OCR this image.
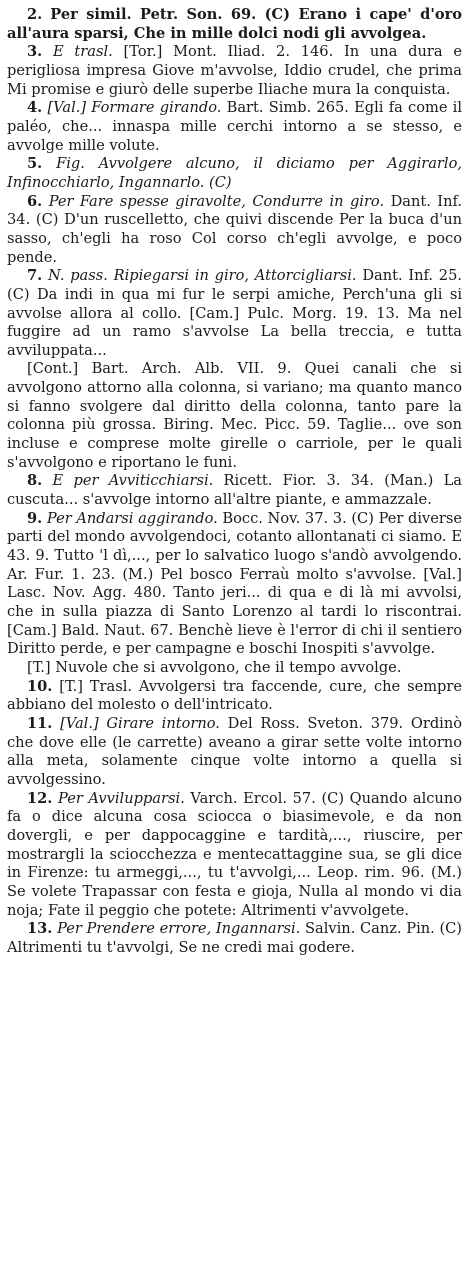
2. Per simil. Petr. Son. 69. (C) Erano i cape' d'oro all'aura sparsi, Che in mille dolci nodi gli avvolgea.

3. E trasl. [Tor.] Mont. Iliad. 2. 146. In una dura e perigliosa impresa Giove m'avvolse, Iddio crudel, che prima Mi promise e giurò delle superbe Iliache mura la conquista.

4. [Val.] Formare girando. Bart. Simb. 265. Egli fa come il paléo, che... innaspa mille cerchi intorno a se stesso, e avvolge mille volute.

5. Fig. Avvolgere alcuno, il diciamo per Aggirarlo, Infinocchiarlo, Ingannarlo. (C)

6. Per Fare spesse giravolte, Condurre in giro. Dant. Inf. 34. (C) D'un ruscelletto, che quivi discende Per la buca d'un sasso, ch'egli ha roso Col corso ch'egli avvolge, e poco pende.

7. N. pass. Ripiegarsi in giro, Attorcigliarsi. Dant. Inf. 25. (C) Da indi in qua mi fur le serpi amiche, Perch'una gli si avvolse allora al collo. [Cam.] Pulc. Morg. 19. 13. Ma nel fuggire ad un ramo s'avvolse La bella treccia, e tutta avviluppata...

[Cont.] Bart. Arch. Alb. VII. 9. Quei canali che si avvolgono attorno alla colonna, si variano; ma quanto manco si fanno svolgere dal diritto della colonna, tanto pare la colonna più grossa. Biring. Mec. Picc. 59. Taglie... ove son incluse e comprese molte girelle o carriole, per le quali s'avvolgono e riportano le funi.

8. E per Avviticchiarsi. Ricett. Fior. 3. 34. (Man.) La cuscuta... s'avvolge intorno all'altre piante, e ammazzale.

9. Per Andarsi aggirando. Bocc. Nov. 37. 3. (C) Per diverse parti del mondo avvolgendoci, cotanto allontanati ci siamo. E 43. 9. Tutto 'l dì,..., per lo salvatico luogo s'andò avvolgendo. Ar. Fur. 1. 23. (M.) Pel bosco Ferraù molto s'avvolse. [Val.] Lasc. Nov. Agg. 480. Tanto jeri... di qua e di là mi avvolsi, che in sulla piazza di Santo Lorenzo al tardi lo riscontrai. [Cam.] Bald. Naut. 67. Benchè lieve è l'error di chi il sentiero Diritto perde, e per campagne e boschi Inospiti s'avvolge.

[T.] Nuvole che si avvolgono, che il tempo avvolge.

10. [T.] Trasl. Avvolgersi tra faccende, cure, che sempre abbiano del molesto o dell'intricato.

11. [Val.] Girare intorno. Del Ross. Sveton. 379. Ordinò che dove elle (le carrette) aveano a girar sette volte intorno alla meta, solamente cinque volte intorno a quella si avvolgessino.

12. Per Avvilupparsi. Varch. Ercol. 57. (C) Quando alcuno fa o dice alcuna cosa sciocca o biasimevole, e da non dovergli, e per dappocaggine e tardità,..., riuscire, per mostrargli la sciocchezza e mentecattaggine sua, se gli dice in Firenze: tu armeggi,..., tu t'avvolgi,... Leop. rim. 96. (M.) Se volete Trapassar con festa e gioja, Nulla al mondo vi dia noja; Fate il peggio che potete: Altrimenti v'avvolgete.

13. Per Prendere errore, Ingannarsi. Salvin. Canz. Pin. (C) Altrimenti tu t'avvolgi, Se ne credi mai godere.
